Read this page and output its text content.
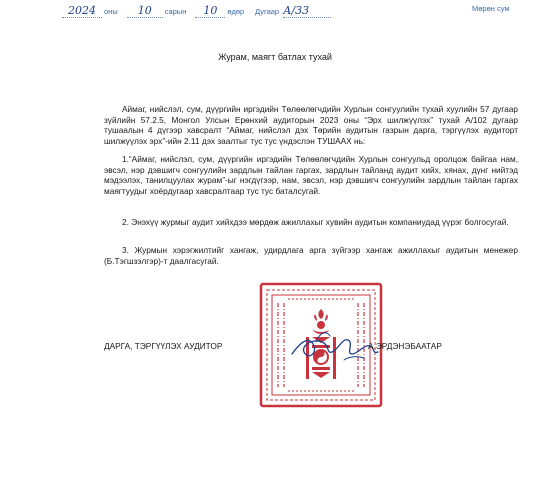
2024 оны 10 сарын 10 өдөр	Дугаар А/33	Мөрөн сум
Журам, маягт батлах тухай
Аймаг, нийслэл, сум, дүүргийн иргэдийн Төлөөлөгчдийн Хурлын сонгуулийн тухай хуулийн 57 дугаар зүйлийн 57.2.5, Монгол Улсын Ерөнхий аудиторын 2023 оны “Эрх шилжүүлэх” тухай А/102 дугаар тушаалын 4 дүгээр хавсралт “Аймаг, нийслэл дэх Төрийн аудитын газрын дарга, тэргүүлэх аудиторт шилжүүлэх эрх”-ийн 2.11 дэх заалтыг тус тус үндэслэн ТУШААХ нь:
1.“Аймаг, нийслэл, сум, дүүргийн иргэдийн Төлөөлөгчдийн Хурлын сонгуульд оролцож байгаа нам, эвсэл, нэр дэвшигч сонгуулийн зардлын тайлан гаргах, зардлын тайланд аудит хийх, хянах, дүнг нийтэд мэдээлэх, танилцуулах журам”-ыг нэгдүгээр, нам, эвсэл, нэр дэвшигч сонгуулийн зардлын тайлан гаргах маягтуудыг хоёрдугаар хавсралтаар тус тус баталсугай.
2. Энэхүү журмыг аудит хийхдээ мөрдөж ажиллахыг хувийн аудитын компаниудад үүрэг болгосугай.
3. Журмын хэрэгжилтийг хангаж, удирдлага арга зүйгээр хангаж ажиллахыг аудитын менежер (Б.Тэгшзэлгэр)-т даалгасугай.
ДАРГА, ТЭРГҮҮЛЭХ АУДИТОР	А.ЭРДЭНЭБААТАР
